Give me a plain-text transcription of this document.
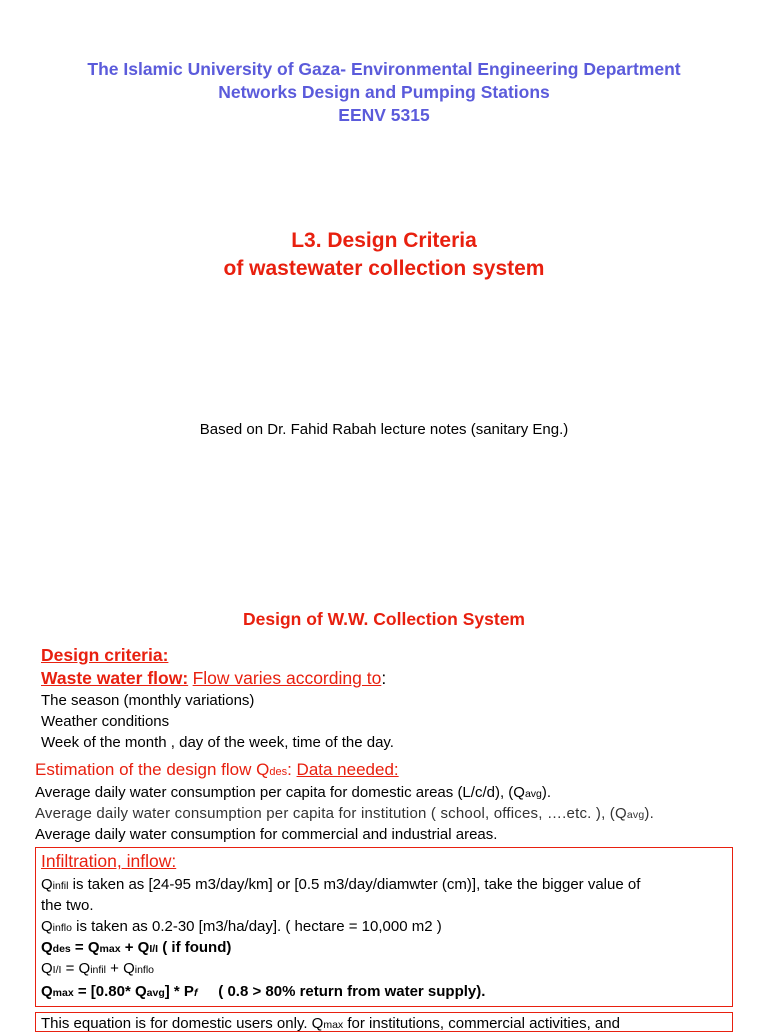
The Islamic University of Gaza- Environmental Engineering Department
Networks Design and Pumping Stations
EENV 5315
L3. Design Criteria
of wastewater collection system
Based on Dr. Fahid Rabah lecture notes (sanitary Eng.)
Design of W.W. Collection System
Design criteria:
Waste water flow: Flow varies according to:
The season (monthly variations)
Weather conditions
Week of the month , day of the week, time of the day.
Estimation of the design flow Qdes: Data needed:
Average daily water consumption per capita for domestic areas (L/c/d), (Qavg).
Average daily water consumption per capita for institution ( school, offices, ….etc. ), (Qavg).
Average daily water consumption for commercial and industrial areas.
Infiltration, inflow:
Qinfil is taken as [24-95 m3/day/km] or [0.5 m3/day/diamwter (cm)], take the bigger value of
the two.
Qinflo is taken as 0.2-30 [m3/ha/day]. ( hectare = 10,000 m2 )
Qdes = Qmax + QI/I ( if found)
QI/I = Qinfil + Qinflo
Qmax = [0.80* Qavg] * Pf     ( 0.8 > 80% return from water supply).
This equation is for domestic users only. Qmax for institutions, commercial activities, and
